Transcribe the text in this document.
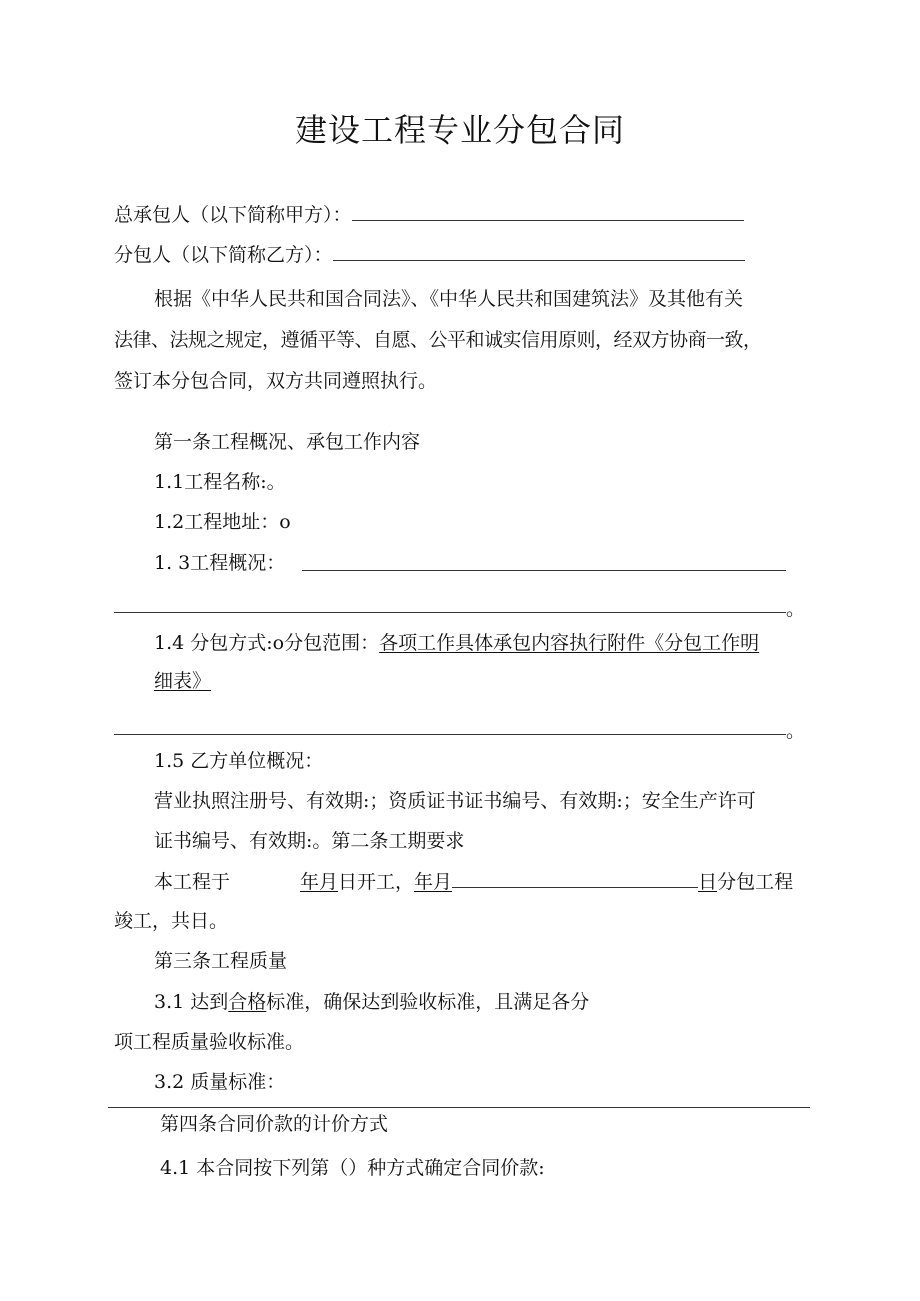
建设工程专业分包合同
总承包人（以下简称甲方）：
分包人（以下简称乙方）：
根据《中华人民共和国合同法》、《中华人民共和国建筑法》及其他有关
法律、法规之规定，遵循平等、自愿、公平和诚实信用原则，经双方协商一致，
签订本分包合同，双方共同遵照执行。
第一条工程概况、承包工作内容
1.1工程名称:。
1.2工程地址：o
1. 3工程概况：
。
1.4 分包方式:o分包范围：各项工作具体承包内容执行附件《分包工作明
细表》
。
1.5 乙方单位概况：
营业执照注册号、有效期:；资质证书证书编号、有效期:；安全生产许可
证书编号、有效期:。第二条工期要求
本工程于	年月日开工，年月	日分包工程
竣工，共日。
第三条工程质量
3.1 达到合格标准，确保达到验收标准，且满足各分
项工程质量验收标准。
3.2 质量标准：
第四条合同价款的计价方式
4.1 本合同按下列第（）种方式确定合同价款:
